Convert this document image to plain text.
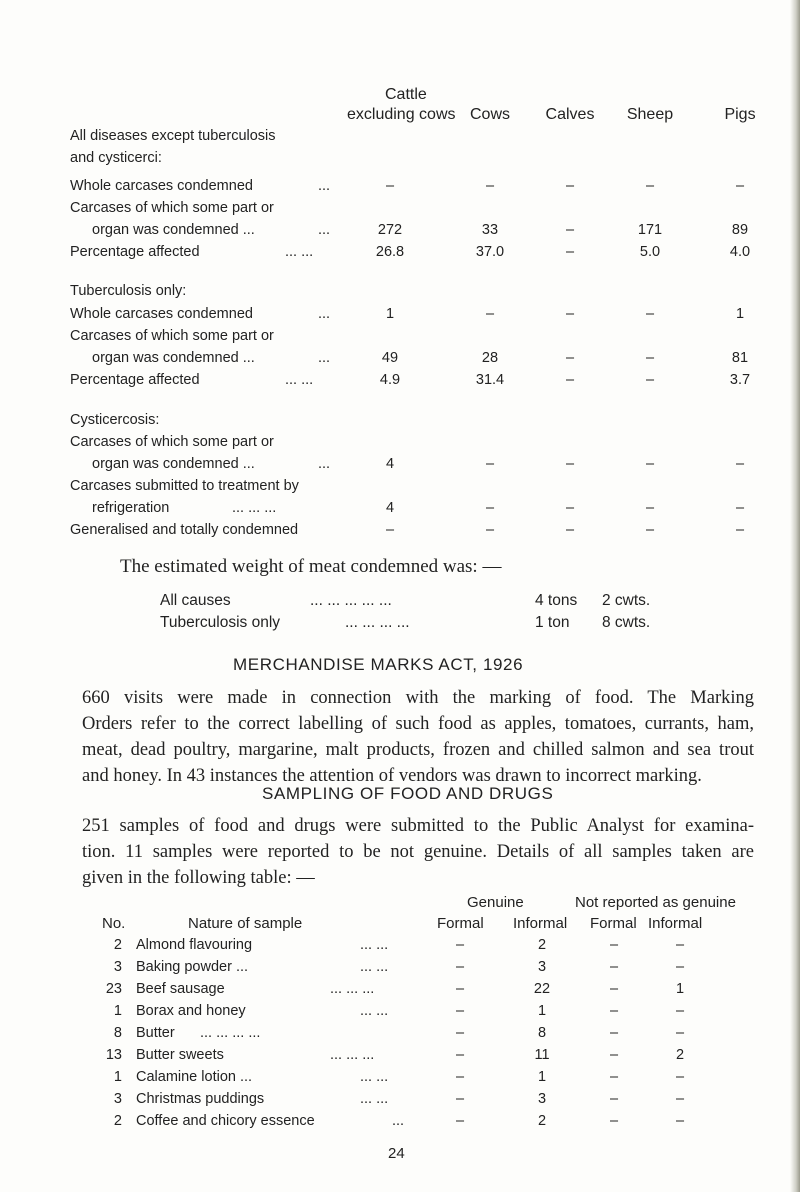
Cattle
excluding cows Cows	Calves	Sheep	Pigs
All diseases except tuberculosis
and cysticerci:
Whole carcases condemned	...	–	–	–	–	–
Carcases of which some part or
organ was condemned ...	...	272	33	–	171	89
Percentage affected	... ...	26.8	37.0	–	5.0	4.0
Tuberculosis only:
Whole carcases condemned	...	1	–	–	–	1
Carcases of which some part or
organ was condemned ...	...	49	28	–	–	81
Percentage affected	... ...	4.9	31.4	–	–	3.7
Cysticercosis:
Carcases of which some part or
organ was condemned ...	...	4	–	–	–	–
Carcases submitted to treatment by
refrigeration	... ... ...	4	–	–	–	–
Generalised and totally condemned	–	–	–	–	–
The estimated weight of meat condemned was: —
All causes	... ... ... ... ...	4 tons 2 cwts.
Tuberculosis only	... ... ... ...	1 ton 8 cwts.
MERCHANDISE MARKS ACT, 1926
660 visits were made in connection with the marking of food. The Marking
Orders refer to the correct labelling of such food as apples, tomatoes, currants, ham,
meat, dead poultry, margarine, malt products, frozen and chilled salmon and sea trout
and honey. In 43 instances the attention of vendors was drawn to incorrect marking.
SAMPLING OF FOOD AND DRUGS
251 samples of food and drugs were submitted to the Public Analyst for examina-
tion. 11 samples were reported to be not genuine. Details of all samples taken are
given in the following table: —
Genuine	Not reported as genuine
No.	Nature of sample	Formal Informal Formal Informal
2 Almond flavouring	... ...	–	2	–	–
3 Baking powder ...	... ...	–	3	–	–
23 Beef sausage	... ... ...	–	22	–	1
1 Borax and honey	... ...	–	1	–	–
8 Butter ... ... ... ...	–	8	–	–
13 Butter sweets	... ... ...	–	11	–	2
1 Calamine lotion ...	... ...	–	1	–	–
3 Christmas puddings	... ...	–	3	–	–
2 Coffee and chicory essence	...	–	2	–	–
24
